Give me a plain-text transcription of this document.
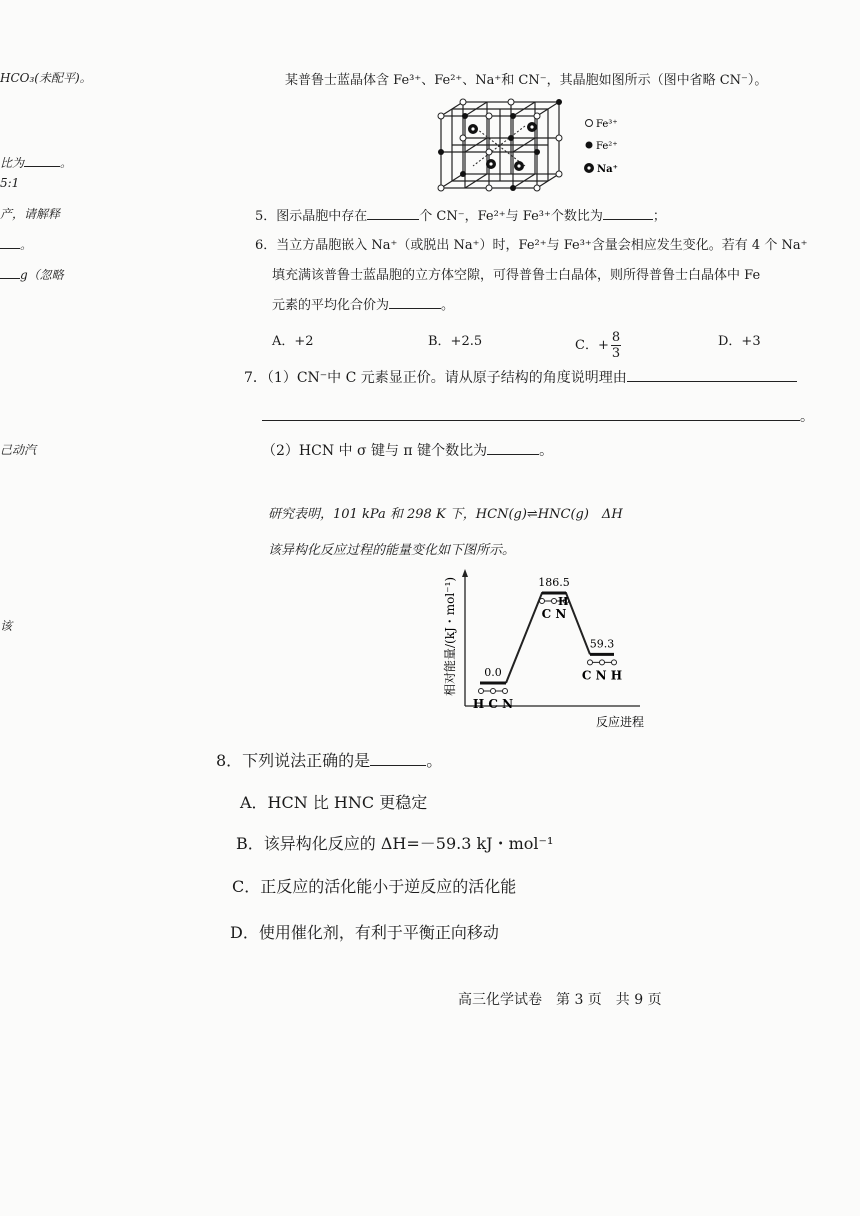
HCO₃(未配平)。
比为	。
5:1
产，请解释
。
g（忽略
己动汽
该
某普鲁士蓝晶体含 Fe³⁺、Fe²⁺、Na⁺和 CN⁻，其晶胞如图所示（图中省略 CN⁻）。
Fe³⁺
Fe²⁺
Na⁺
5．图示晶胞中存在	个 CN⁻，Fe²⁺与 Fe³⁺个数比为	；
6．当立方晶胞嵌入 Na⁺（或脱出 Na⁺）时，Fe²⁺与 Fe³⁺含量会相应发生变化。若有 4 个 Na⁺
填充满该普鲁士蓝晶胞的立方体空隙，可得普鲁士白晶体，则所得普鲁士白晶体中 Fe
元素的平均化合价为	。
A．+2	B．+2.5	C．+ $\frac{8}{3}$	D．+3
7．（1）CN⁻中 C 元素显正价。请从原子结构的角度说明理由
。
（2）HCN 中 σ 键与 π 键个数比为	。
研究表明，101 kPa 和 298 K 下，HCN(g)⇌HNC(g)　ΔH
该异构化反应过程的能量变化如下图所示。
相对能量/(kJ・mol⁻¹)
反应进程
0.0
H C N
186.5
C N
59.3
C N H
H
8．下列说法正确的是	。
A．HCN 比 HNC 更稳定
B．该异构化反应的 ΔH=－59.3 kJ・mol⁻¹
C．正反应的活化能小于逆反应的活化能
D．使用催化剂，有利于平衡正向移动
高三化学试卷　第 3 页　共 9 页
